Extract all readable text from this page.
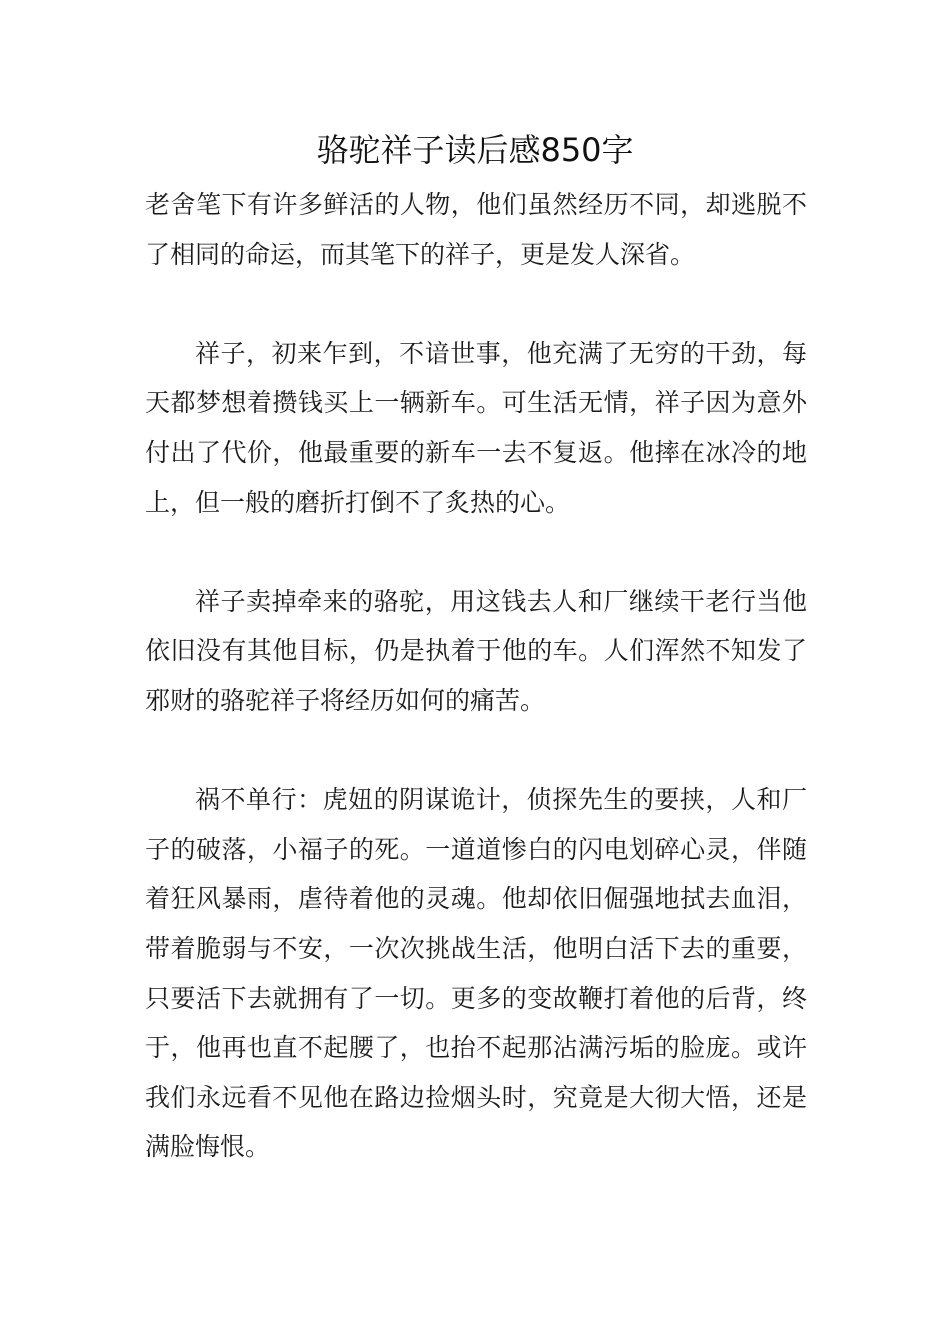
骆驼祥子读后感850字

老舍笔下有许多鲜活的人物，他们虽然经历不同，却逃脱不了相同的命运，而其笔下的祥子，更是发人深省。

祥子，初来乍到，不谙世事，他充满了无穷的干劲，每天都梦想着攒钱买上一辆新车。可生活无情，祥子因为意外付出了代价，他最重要的新车一去不复返。他摔在冰冷的地上，但一般的磨折打倒不了炙热的心。

祥子卖掉牵来的骆驼，用这钱去人和厂继续干老行当他依旧没有其他目标，仍是执着于他的车。人们浑然不知发了邪财的骆驼祥子将经历如何的痛苦。

祸不单行：虎妞的阴谋诡计，侦探先生的要挟，人和厂子的破落，小福子的死。一道道惨白的闪电划碎心灵，伴随着狂风暴雨，虐待着他的灵魂。他却依旧倔强地拭去血泪，带着脆弱与不安，一次次挑战生活，他明白活下去的重要，只要活下去就拥有了一切。更多的变故鞭打着他的后背，终于，他再也直不起腰了，也抬不起那沾满污垢的脸庞。或许我们永远看不见他在路边捡烟头时，究竟是大彻大悟，还是满脸悔恨。
